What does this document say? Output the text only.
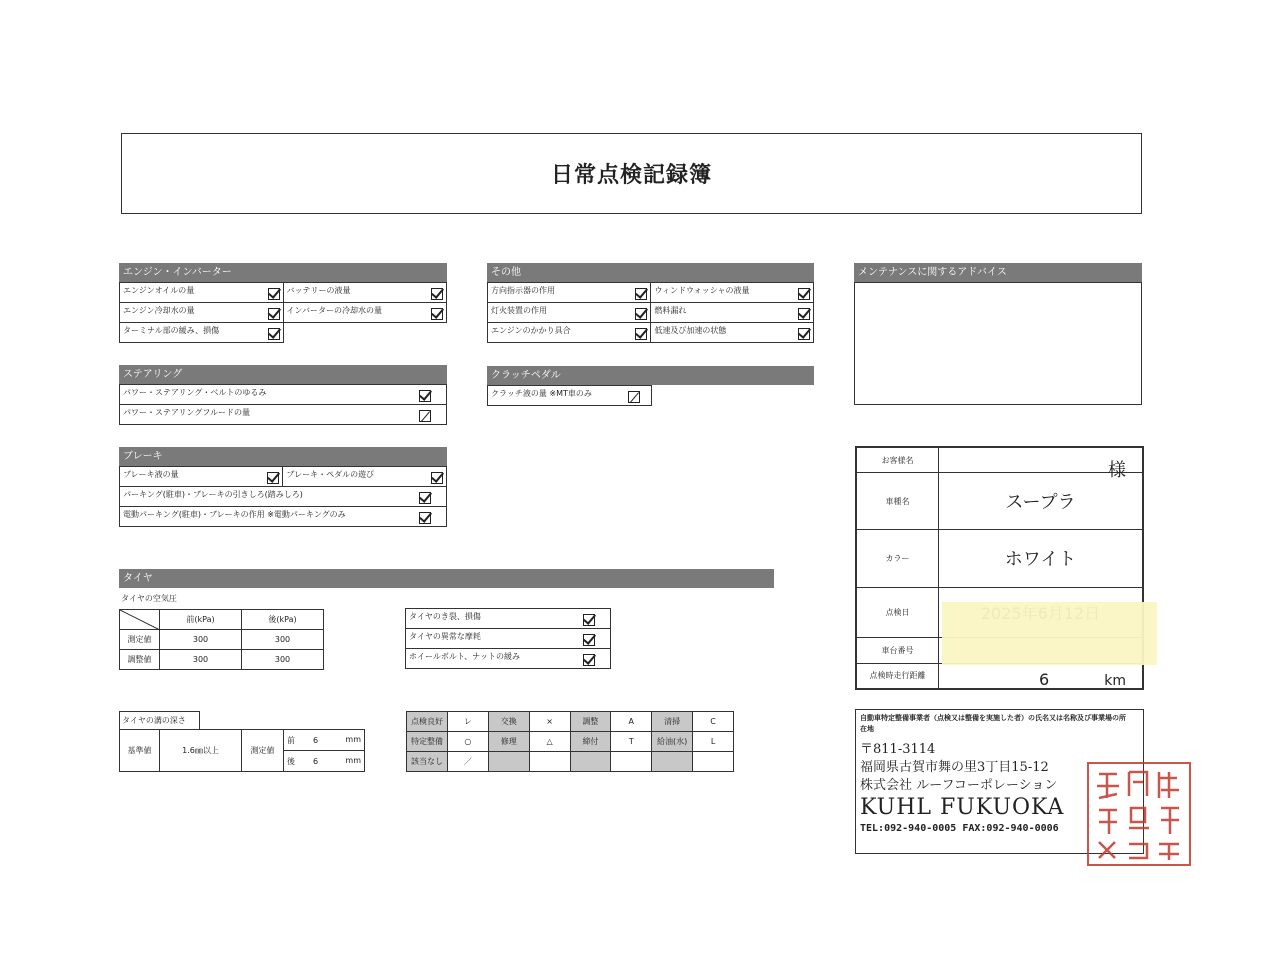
日常点検記録簿
エンジン・インバーター
エンジンオイルの量	バッテリーの液量

エンジン冷却水の量	インバーターの冷却水の量

ターミナル部の緩み、損傷

その他
方向指示器の作用	ウィンドウォッシャの液量

灯火装置の作用	燃料漏れ

エンジンのかかり具合	低速及び加速の状態
メンテナンスに関するアドバイス
ステアリング
パワー・ステアリング・ベルトのゆるみ

パワー・ステアリングフルードの量
クラッチペダル
クラッチ液の量 ※MT車のみ
ブレーキ
ブレーキ液の量	ブレーキ・ペダルの遊び

パーキング(駐車)・ブレーキの引きしろ(踏みしろ)

電動パーキング(駐車)・ブレーキの作用 ※電動パーキングのみ
お客様名	様

車種名	スープラ
カラー	ホワイト
点検日	
車台番号	
点検時走行距離	6 km
タイヤ
タイヤの空気圧
	前(kPa)	後(kPa)
測定値	300	300
調整値	300	300
タイヤのき裂、損傷

タイヤの異常な摩耗

ホイールボルト、ナットの緩み
タイヤの溝の深さ
基準値	1.6㎜以上	測定値	前 6	mm

後 6	mm
点検良好	レ	交換	×	調整	A	清掃	C
特定整備	○	修理	△	締付	T	給油(水)	L
該当なし	／						
自動車特定整備事業者（点検又は整備を実施した者）の氏名又は名称及び事業場の所在地
〒811-3114
福岡県古賀市舞の里3丁目15-12
株式会社 ルーフコーポレーション
KUHL FUKUOKA
TEL:092-940-0005 FAX:092-940-0006
